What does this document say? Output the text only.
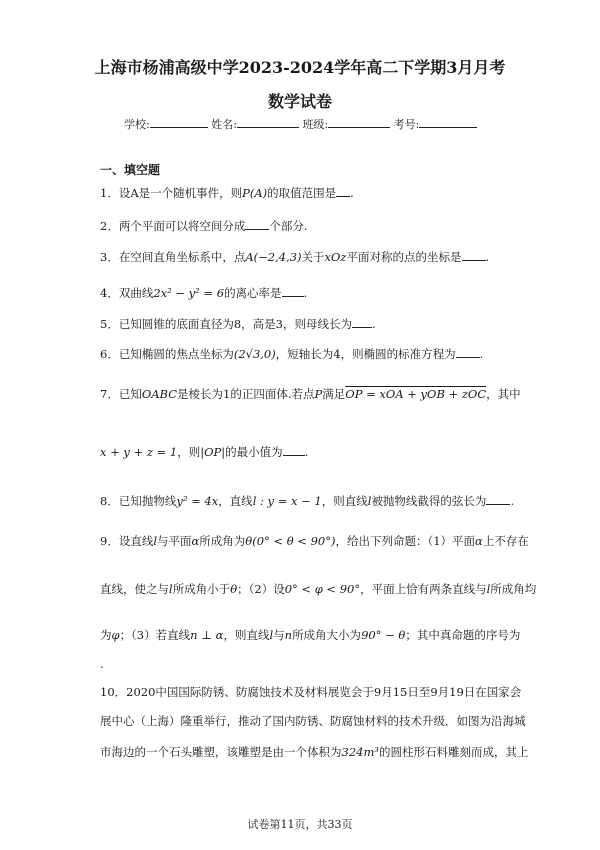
上海市杨浦高级中学2023-2024学年高二下学期3月月考
数学试卷
学校:	姓名:	班级:	考号:
一、填空题
1．设A是一个随机事件，则P(A)的取值范围是 .
2．两个平面可以将空间分成 个部分.
3．在空间直角坐标系中，点A(−2,4,3)关于xOz平面对称的点的坐标是 .
4．双曲线2x² − y² = 6的离心率是 .
5．已知圆锥的底面直径为8，高是3，则母线长为 .
6．已知椭圆的焦点坐标为(2√3,0)，短轴长为4，则椭圆的标准方程为 .
7．已知OABC是棱长为1的正四面体.若点P满足OP = xOA + yOB + zOC，其中
x + y + z = 1，则|OP|的最小值为 .
8．已知抛物线y² = 4x，直线l : y = x − 1，则直线l被抛物线截得的弦长为 .
9．设直线l与平面α所成角为θ(0° < θ < 90°)，给出下列命题：（1）平面α上不存在
直线，使之与l所成角小于θ；（2）设0° < φ < 90°，平面上恰有两条直线与l所成角均
为φ；（3）若直线n ⊥ α，则直线l与n所成角大小为90° − θ；其中真命题的序号为
.
10．2020中国国际防锈、防腐蚀技术及材料展览会于9月15日至9月19日在国家会
展中心（上海）隆重举行，推动了国内防锈、防腐蚀材料的技术升级．如图为沿海城
市海边的一个石头雕塑，该雕塑是由一个体积为324m³的圆柱形石料雕刻而成，其上
试卷第11页，共33页
